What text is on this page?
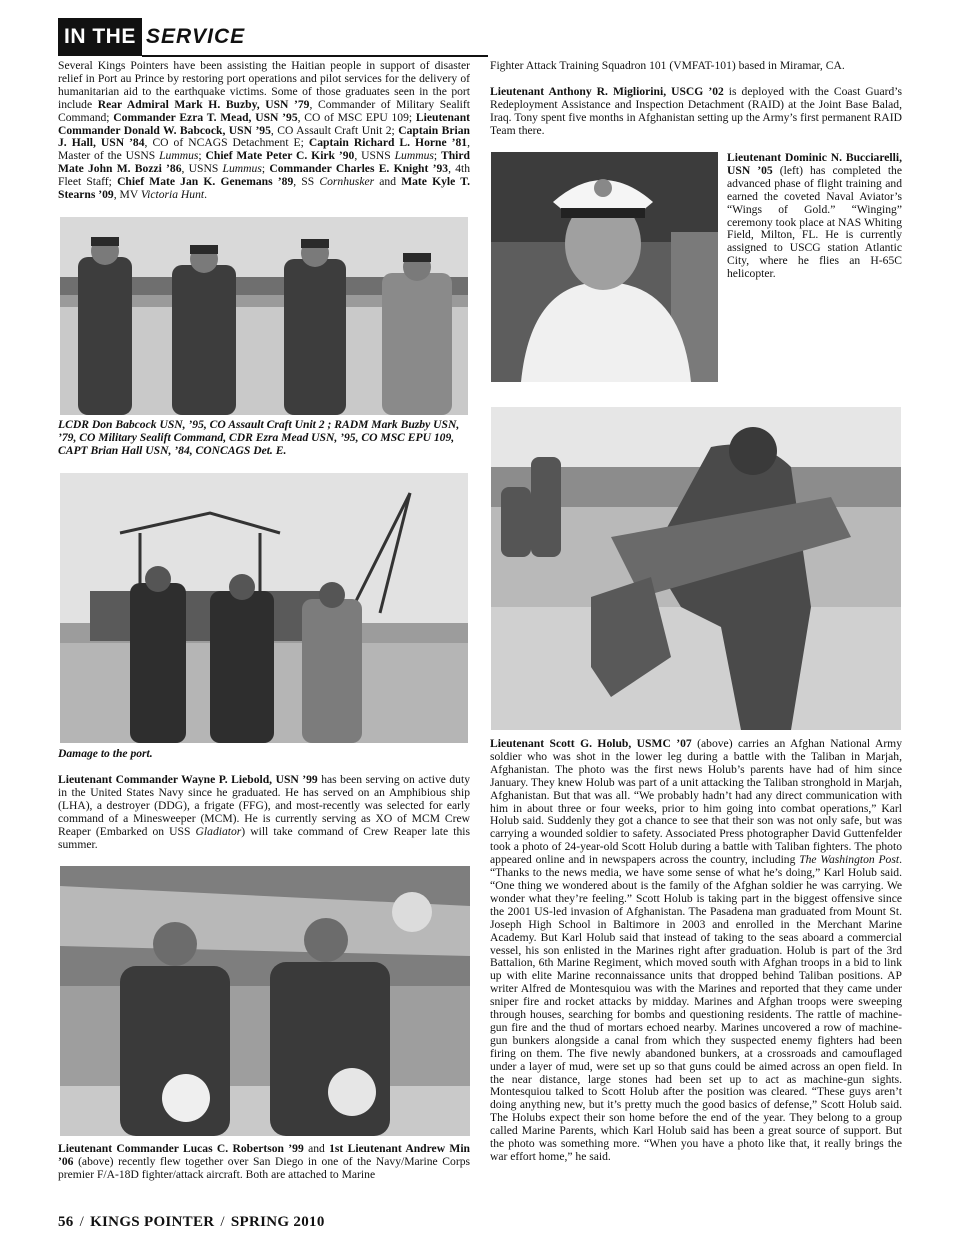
IN THE SERVICE

Several Kings Pointers have been assisting the Haitian people in support of disaster relief in Port au Prince by restoring port operations and pilot services for the delivery of humanitarian aid to the earthquake victims. Some of those graduates seen in the port include Rear Admiral Mark H. Buzby, USN ’79, Commander of Military Sealift Command; Commander Ezra T. Mead, USN ’95, CO of MSC EPU 109; Lieutenant Commander Donald W. Babcock, USN ’95, CO Assault Craft Unit 2; Captain Brian J. Hall, USN ’84, CO of NCAGS Detachment E; Captain Richard L. Horne ’81, Master of the USNS Lummus; Chief Mate Peter C. Kirk ’90, USNS Lummus; Third Mate John M. Bozzi ’86, USNS Lummus; Commander Charles E. Knight ’93, 4th Fleet Staff; Chief Mate Jan K. Genemans ’89, SS Cornhusker and Mate Kyle T. Stearns ’09, MV Victoria Hunt.

LCDR Don Babcock USN, ’95, CO Assault Craft Unit 2 ; RADM Mark Buzby USN, ’79, CO Military Sealift Command, CDR Ezra Mead USN, ’95, CO MSC EPU 109, CAPT Brian Hall USN, ’84, CONCAGS Det. E.
Damage to the port.

Lieutenant Commander Wayne P. Liebold, USN ’99 has been serving on active duty in the United States Navy since he graduated. He has served on an Amphibious ship (LHA), a destroyer (DDG), a frigate (FFG), and most-recently was selected for early command of a Minesweeper (MCM). He is currently serving as XO of MCM Crew Reaper (Embarked on USS Gladiator) will take command of Crew Reaper late this summer.

Lieutenant Commander Lucas C. Robertson ’99 and 1st Lieutenant Andrew Min ’06 (above) recently flew together over San Diego in one of the Navy/Marine Corps premier F/A-18D fighter/attack aircraft. Both are attached to Marine

Fighter Attack Training Squadron 101 (VMFAT-101) based in Miramar, CA.

Lieutenant Anthony R. Migliorini, USCG ’02 is deployed with the Coast Guard’s Redeployment Assistance and Inspection Detachment (RAID) at the Joint Base Balad, Iraq. Tony spent five months in Afghanistan setting up the Army’s first permanent RAID Team there.

Lieutenant Dominic N. Bucciarelli, USN ’05 (left) has completed the advanced phase of flight training and earned the coveted Naval Aviator’s “Wings of Gold.” “Winging” ceremony took place at NAS Whiting Field, Milton, FL. He is currently assigned to USCG station Atlantic City, where he flies an H-65C helicopter.

Lieutenant Scott G. Holub, USMC ’07 (above) carries an Afghan National Army soldier who was shot in the lower leg during a battle with the Taliban in Marjah, Afghanistan. The photo was the first news Holub’s parents have had of him since January. They knew Holub was part of a unit attacking the Taliban stronghold in Marjah, Afghanistan. But that was all. “We probably hadn’t had any direct communication with him in about three or four weeks, prior to him going into combat operations,” Karl Holub said. Suddenly they got a chance to see that their son was not only safe, but was carrying a wounded soldier to safety. Associated Press photographer David Guttenfelder took a photo of 24-year-old Scott Holub during a battle with Taliban fighters. The photo appeared online and in newspapers across the country, including The Washington Post. “Thanks to the news media, we have some sense of what he’s doing,” Karl Holub said. “One thing we wondered about is the family of the Afghan soldier he was carrying. We wonder what they’re feeling.” Scott Holub is taking part in the biggest offensive since the 2001 US-led invasion of Afghanistan. The Pasadena man graduated from Mount St. Joseph High School in Baltimore in 2003 and enrolled in the Merchant Marine Academy. But Karl Holub said that instead of taking to the seas aboard a commercial vessel, his son enlisted in the Marines right after graduation. Holub is part of the 3rd Battalion, 6th Marine Regiment, which moved south with Afghan troops in a bid to link up with elite Marine reconnaissance units that dropped behind Taliban positions. AP writer Alfred de Montesquiou was with the Marines and reported that they came under sniper fire and rocket attacks by midday. Marines and Afghan troops were sweeping through houses, searching for bombs and questioning residents. The rattle of machine-gun fire and the thud of mortars echoed nearby. Marines uncovered a row of machine-gun bunkers alongside a canal from which they suspected enemy fighters had been firing on them. The five newly abandoned bunkers, at a crossroads and camouflaged under a layer of mud, were set up so that guns could be aimed across an open field. In the near distance, large stones had been set up to act as machine-gun sights. Montesquiou talked to Scott Holub after the position was cleared. “These guys aren’t doing anything new, but it’s pretty much the good basics of defense,” Scott Holub said. The Holubs expect their son home before the end of the year. They belong to a group called Marine Parents, which Karl Holub said has been a great source of support. But the photo was something more. “When you have a photo like that, it really brings the war effort home,” he said.

56 / KINGS POINTER / SPRING 2010
